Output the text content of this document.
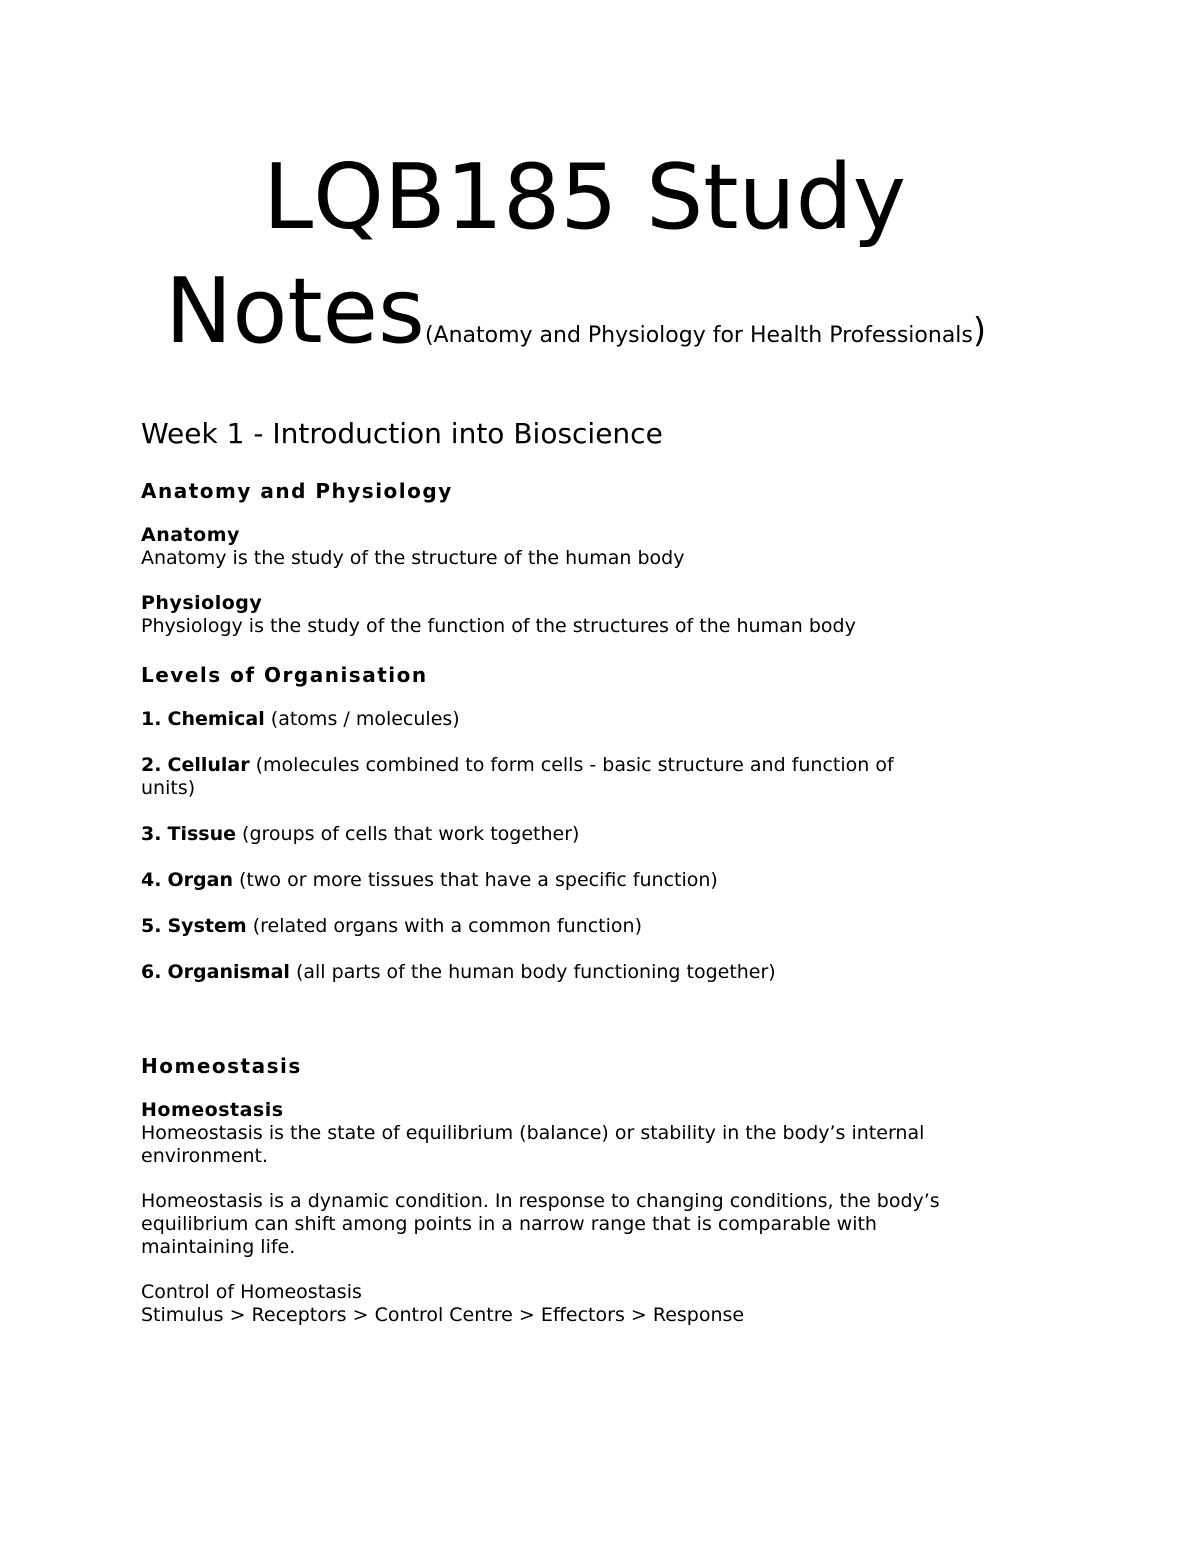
LQB185 Study
Notes(Anatomy and Physiology for Health Professionals)
Week 1 - Introduction into Bioscience
Anatomy and Physiology
Anatomy
Anatomy is the study of the structure of the human body
Physiology
Physiology is the study of the function of the structures of the human body
Levels of Organisation
1. Chemical (atoms / molecules)
2. Cellular (molecules combined to form cells - basic structure and function of units)
3. Tissue (groups of cells that work together)
4. Organ (two or more tissues that have a specific function)
5. System (related organs with a common function)
6. Organismal (all parts of the human body functioning together)
Homeostasis
Homeostasis
Homeostasis is the state of equilibrium (balance) or stability in the body’s internal environment.
Homeostasis is a dynamic condition. In response to changing conditions, the body’s equilibrium can shift among points in a narrow range that is comparable with maintaining life.
Control of Homeostasis
Stimulus > Receptors > Control Centre > Effectors > Response
